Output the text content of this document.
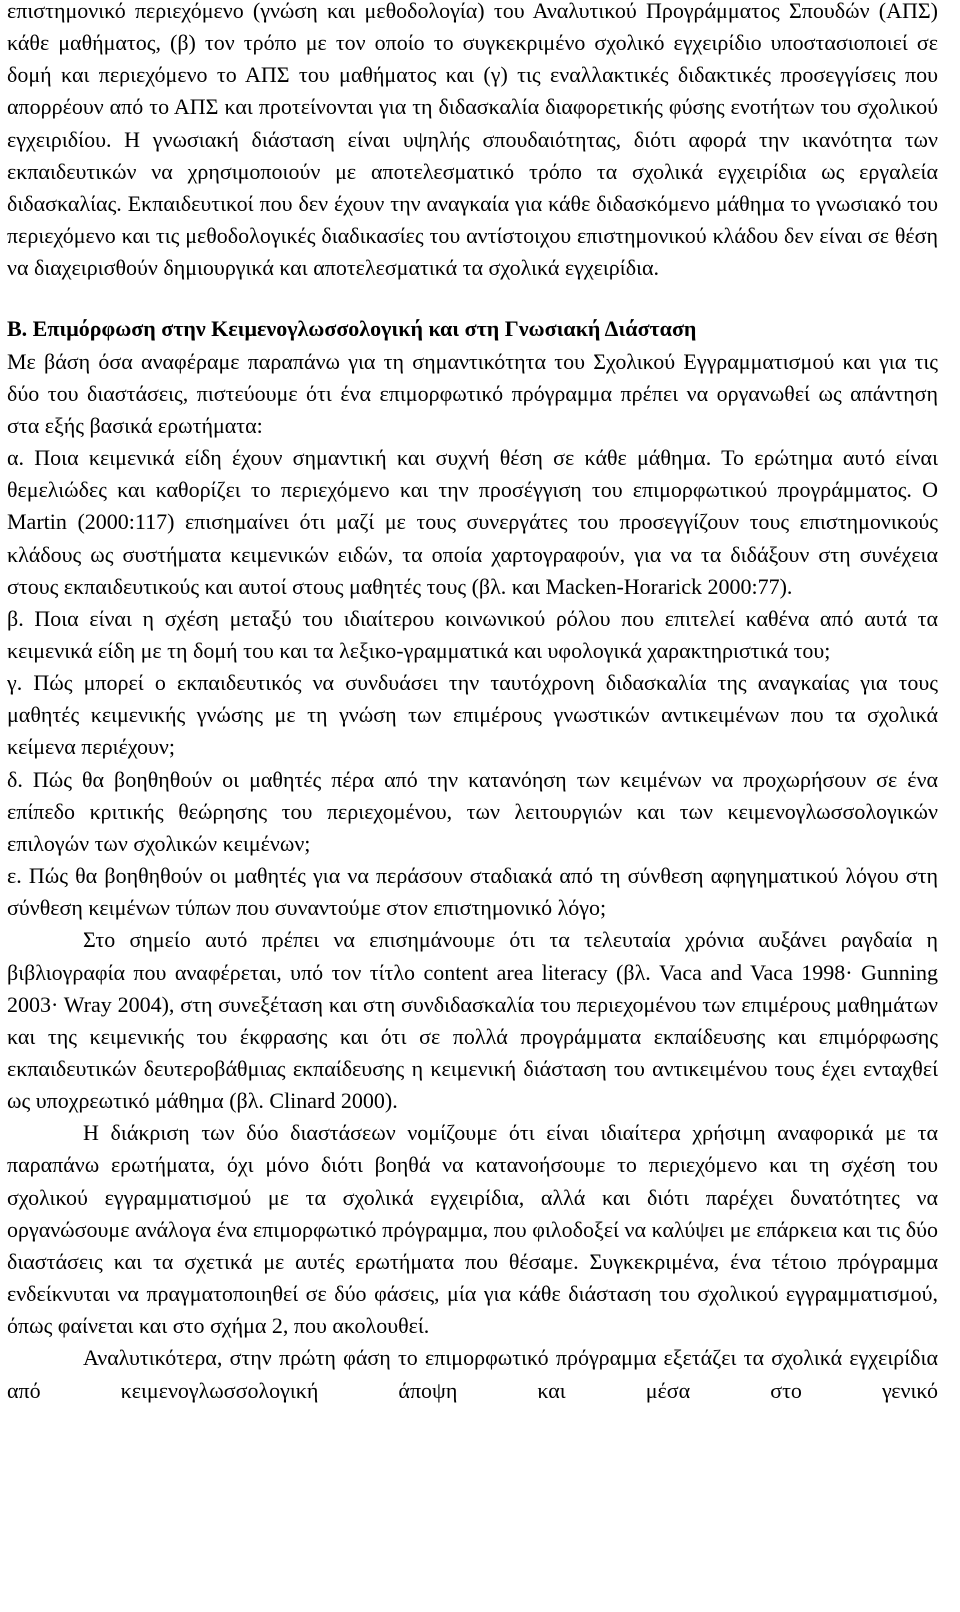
επιστημονικό περιεχόμενο (γνώση και μεθοδολογία) του Αναλυτικού Προγράμματος Σπουδών (ΑΠΣ) κάθε μαθήματος, (β) τον τρόπο με τον οποίο το συγκεκριμένο σχολικό εγχειρίδιο υποστασιοποιεί σε δομή και περιεχόμενο το ΑΠΣ του μαθήματος και (γ) τις εναλλακτικές διδακτικές προσεγγίσεις που απορρέουν από το ΑΠΣ και προτείνονται για τη διδασκαλία διαφορετικής φύσης ενοτήτων του σχολικού εγχειριδίου. Η γνωσιακή διάσταση είναι υψηλής σπουδαιότητας, διότι αφορά την ικανότητα των εκπαιδευτικών να χρησιμοποιούν με αποτελεσματικό τρόπο τα σχολικά εγχειρίδια ως εργαλεία διδασκαλίας. Εκπαιδευτικοί που δεν έχουν την αναγκαία για κάθε διδασκόμενο μάθημα το γνωσιακό του περιεχόμενο και τις μεθοδολογικές διαδικασίες του αντίστοιχου επιστημονικού κλάδου δεν είναι σε θέση να διαχειρισθούν δημιουργικά και αποτελεσματικά τα σχολικά εγχειρίδια.

Β. Επιμόρφωση στην Κειμενογλωσσολογική και στη Γνωσιακή Διάσταση

Με βάση όσα αναφέραμε παραπάνω για τη σημαντικότητα του Σχολικού Εγγραμματισμού και για τις δύο του διαστάσεις, πιστεύουμε ότι ένα επιμορφωτικό πρόγραμμα πρέπει να οργανωθεί ως απάντηση στα εξής βασικά ερωτήματα:

α. Ποια κειμενικά είδη έχουν σημαντική και συχνή θέση σε κάθε μάθημα. Το ερώτημα αυτό είναι θεμελιώδες και καθορίζει το περιεχόμενο και την προσέγγιση του επιμορφωτικού προγράμματος. Ο Martin (2000:117) επισημαίνει ότι μαζί με τους συνεργάτες του προσεγγίζουν τους επιστημονικούς κλάδους ως συστήματα κειμενικών ειδών, τα οποία χαρτογραφούν, για να τα διδάξουν στη συνέχεια στους εκπαιδευτικούς και αυτοί στους μαθητές τους (βλ. και Macken-Horarick 2000:77).

β. Ποια είναι η σχέση μεταξύ του ιδιαίτερου κοινωνικού ρόλου που επιτελεί καθένα από αυτά τα κειμενικά είδη με τη δομή του και τα λεξικο-γραμματικά και υφολογικά χαρακτηριστικά του;

γ. Πώς μπορεί ο εκπαιδευτικός να συνδυάσει την ταυτόχρονη διδασκαλία της αναγκαίας για τους μαθητές κειμενικής γνώσης με τη γνώση των επιμέρους γνωστικών αντικειμένων που τα σχολικά κείμενα περιέχουν;

δ. Πώς θα βοηθηθούν οι μαθητές πέρα από την κατανόηση των κειμένων να προχωρήσουν σε ένα επίπεδο κριτικής θεώρησης του περιεχομένου, των λειτουργιών και των κειμενογλωσσολογικών επιλογών των σχολικών κειμένων;

ε. Πώς θα βοηθηθούν οι μαθητές για να περάσουν σταδιακά από τη σύνθεση αφηγηματικού λόγου στη σύνθεση κειμένων τύπων που συναντούμε στον επιστημονικό λόγο;

Στο σημείο αυτό πρέπει να επισημάνουμε ότι τα τελευταία χρόνια αυξάνει ραγδαία η βιβλιογραφία που αναφέρεται, υπό τον τίτλο content area literacy (βλ. Vaca and Vaca 1998· Gunning 2003· Wray 2004), στη συνεξέταση και στη συνδιδασκαλία του περιεχομένου των επιμέρους μαθημάτων και της κειμενικής του έκφρασης και ότι σε πολλά προγράμματα εκπαίδευσης και επιμόρφωσης εκπαιδευτικών δευτεροβάθμιας εκπαίδευσης η κειμενική διάσταση του αντικειμένου τους έχει ενταχθεί ως υποχρεωτικό μάθημα (βλ. Clinard 2000).

Η διάκριση των δύο διαστάσεων νομίζουμε ότι είναι ιδιαίτερα χρήσιμη αναφορικά με τα παραπάνω ερωτήματα, όχι μόνο διότι βοηθά να κατανοήσουμε το περιεχόμενο και τη σχέση του σχολικού εγγραμματισμού με τα σχολικά εγχειρίδια, αλλά και διότι παρέχει δυνατότητες να οργανώσουμε ανάλογα ένα επιμορφωτικό πρόγραμμα, που φιλοδοξεί να καλύψει με επάρκεια και τις δύο διαστάσεις και τα σχετικά με αυτές ερωτήματα που θέσαμε. Συγκεκριμένα, ένα τέτοιο πρόγραμμα ενδείκνυται να πραγματοποιηθεί σε δύο φάσεις, μία για κάθε διάσταση του σχολικού εγγραμματισμού, όπως φαίνεται και στο σχήμα 2, που ακολουθεί.

Αναλυτικότερα, στην πρώτη φάση το επιμορφωτικό πρόγραμμα εξετάζει τα σχολικά εγχειρίδια από κειμενογλωσσολογική άποψη και μέσα στο γενικό
